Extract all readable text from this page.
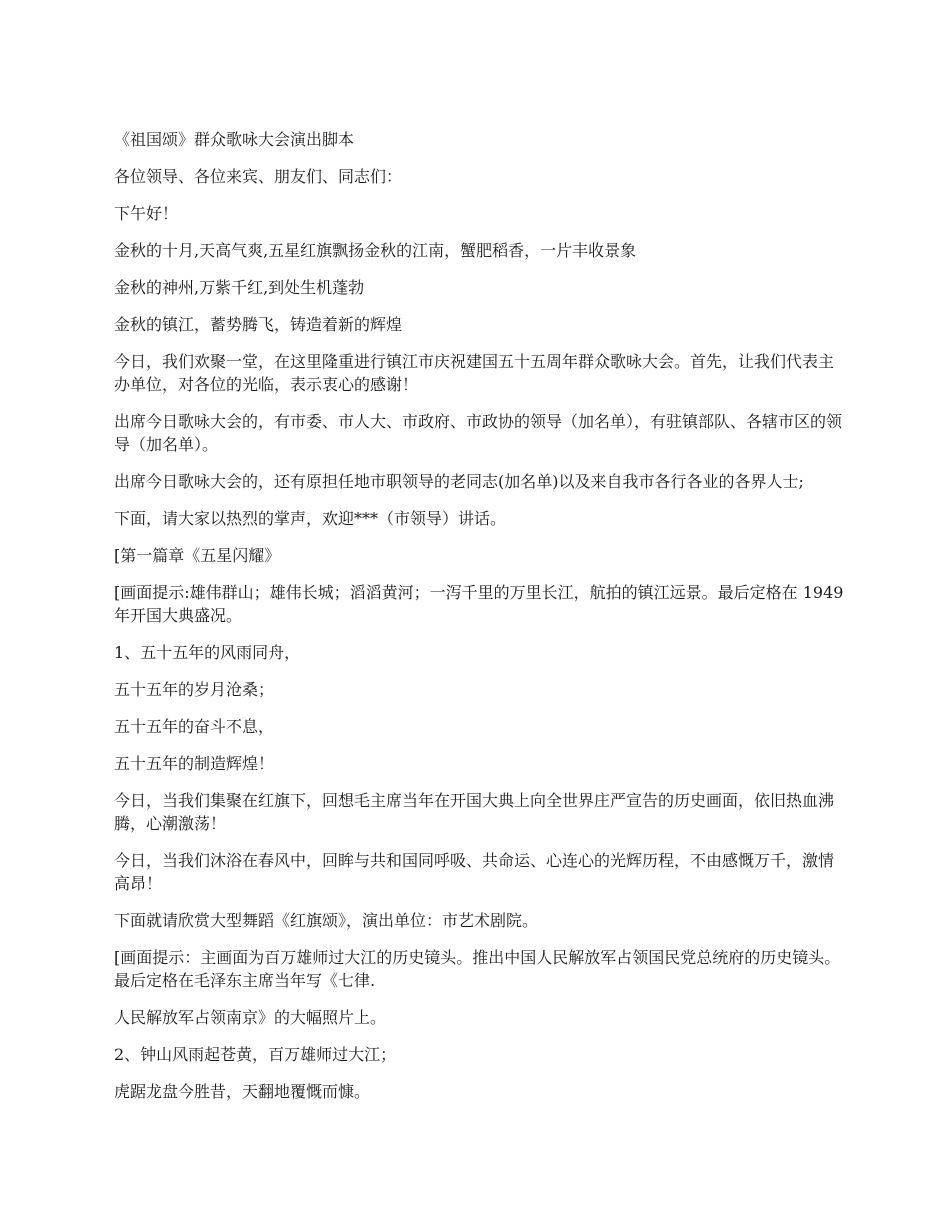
《祖国颂》群众歌咏大会演出脚本

各位领导、各位来宾、朋友们、同志们：

下午好！

金秋的十月,天高气爽,五星红旗飘扬金秋的江南，蟹肥稻香，一片丰收景象

金秋的神州,万紫千红,到处生机蓬勃

金秋的镇江，蓄势腾飞，铸造着新的辉煌

今日，我们欢聚一堂，在这里隆重进行镇江市庆祝建国五十五周年群众歌咏大会。首先，让我们代表主办单位，对各位的光临，表示衷心的感谢！

出席今日歌咏大会的，有市委、市人大、市政府、市政协的领导（加名单），有驻镇部队、各辖市区的领导（加名单）。

出席今日歌咏大会的，还有原担任地市职领导的老同志(加名单)以及来自我市各行各业的各界人士;

下面，请大家以热烈的掌声，欢迎***（市领导）讲话。

[第一篇章《五星闪耀》

[画面提示:雄伟群山；雄伟长城；滔滔黄河；一泻千里的万里长江，航拍的镇江远景。最后定格在 1949 年开国大典盛况。

1、五十五年的风雨同舟，

五十五年的岁月沧桑；

五十五年的奋斗不息，

五十五年的制造辉煌！

今日，当我们集聚在红旗下，回想毛主席当年在开国大典上向全世界庄严宣告的历史画面，依旧热血沸腾，心潮激荡！

今日，当我们沐浴在春风中，回眸与共和国同呼吸、共命运、心连心的光辉历程，不由感慨万千，激情高昂！

下面就请欣赏大型舞蹈《红旗颂》，演出单位：市艺术剧院。

[画面提示：主画面为百万雄师过大江的历史镜头。推出中国人民解放军占领国民党总统府的历史镜头。最后定格在毛泽东主席当年写《七律.

人民解放军占领南京》的大幅照片上。

2、钟山风雨起苍黄，百万雄师过大江；

虎踞龙盘今胜昔，天翻地覆慨而慷。
